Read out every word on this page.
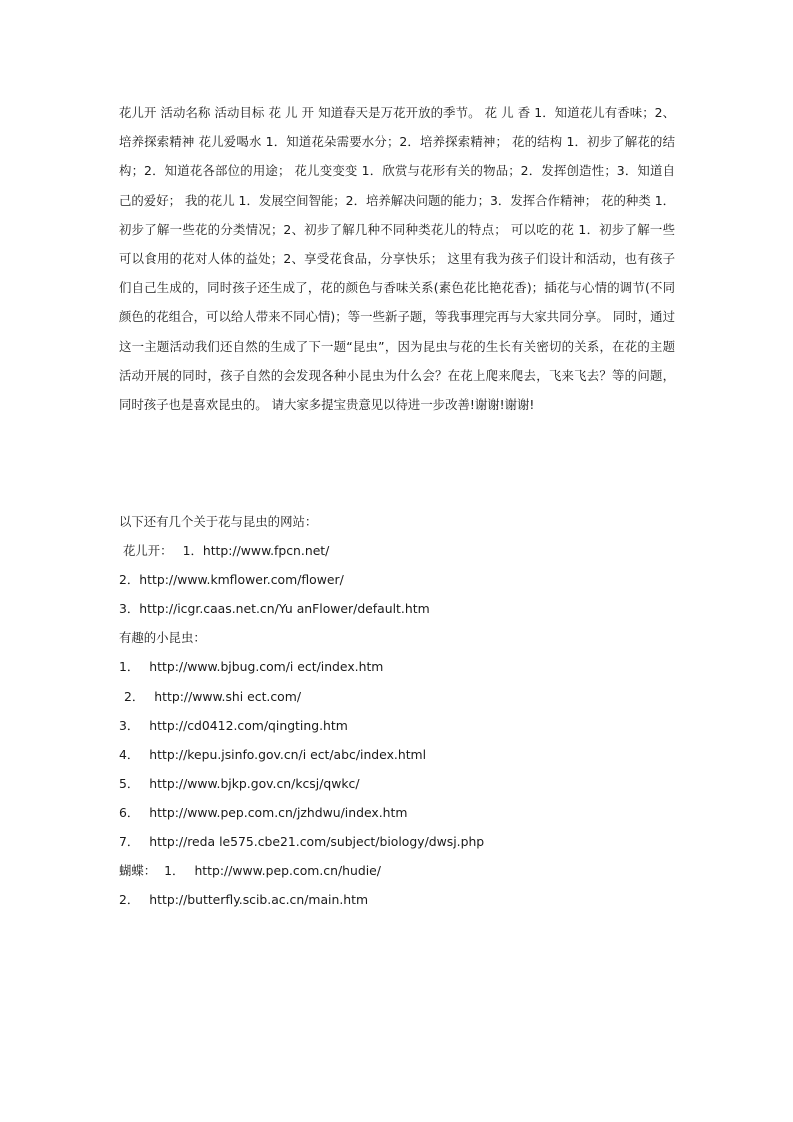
花儿开 活动名称 活动目标 花 儿 开 知道春天是万花开放的季节。 花 儿 香 1．知道花儿有香味；2、培养探索精神 花儿爱喝水 1．知道花朵需要水分；2．培养探索精神； 花的结构 1．初步了解花的结构；2．知道花各部位的用途； 花儿变变变 1．欣赏与花形有关的物品；2．发挥创造性；3．知道自己的爱好； 我的花儿 1．发展空间智能；2．培养解决问题的能力；3．发挥合作精神； 花的种类 1．初步了解一些花的分类情况；2、初步了解几种不同种类花儿的特点； 可以吃的花 1．初步了解一些可以食用的花对人体的益处；2、享受花食品，分享快乐； 这里有我为孩子们设计和活动，也有孩子们自己生成的，同时孩子还生成了，花的颜色与香味关系(素色花比艳花香)；插花与心情的调节(不同颜色的花组合，可以给人带来不同心情)；等一些新子题，等我事理完再与大家共同分享。 同时，通过这一主题活动我们还自然的生成了下一题“昆虫”，因为昆虫与花的生长有关密切的关系，在花的主题活动开展的同时，孩子自然的会发现各种小昆虫为什么会？在花上爬来爬去，飞来飞去？等的问题，同时孩子也是喜欢昆虫的。 请大家多提宝贵意见以待进一步改善!谢谢!谢谢!

以下还有几个关于花与昆虫的网站：
花儿开： 1．http://www.fpcn.net/
2．http://www.kmflower.com/flower/
3．http://icgr.caas.net.cn/Yu anFlower/default.htm
有趣的小昆虫：
1． http://www.bjbug.com/i ect/index.htm
2． http://www.shi ect.com/
3． http://cd0412.com/qingting.htm
4． http://kepu.jsinfo.gov.cn/i ect/abc/index.html
5． http://www.bjkp.gov.cn/kcsj/qwkc/
6． http://www.pep.com.cn/jzhdwu/index.htm
7． http://reda le575.cbe21.com/subject/biology/dwsj.php
蝴蝶： 1． http://www.pep.com.cn/hudie/
2． http://butterfly.scib.ac.cn/main.htm
